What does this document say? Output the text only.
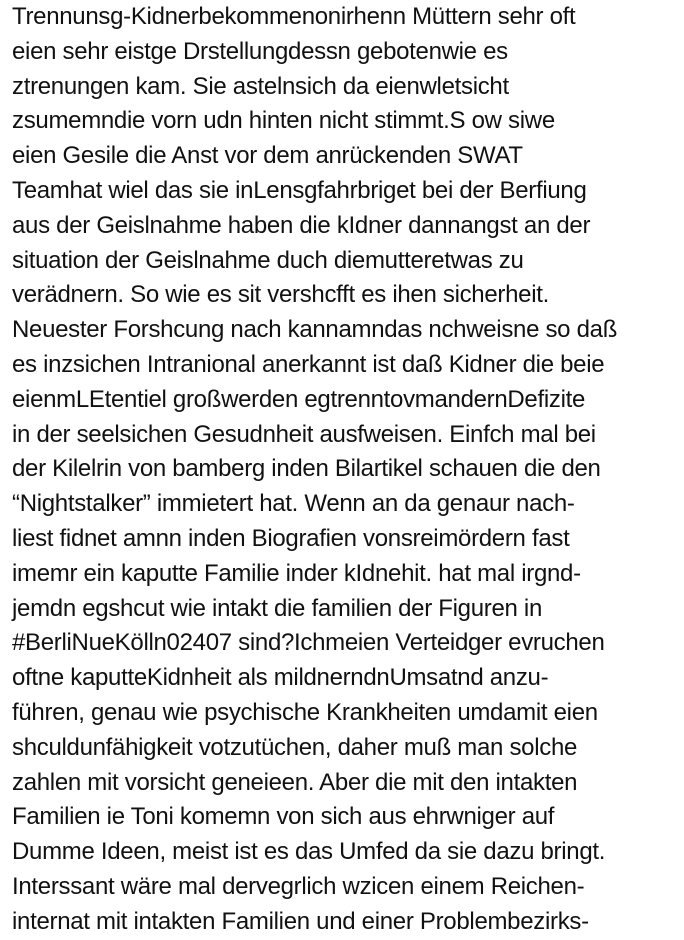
Trennunsg-Kidnerbekommenonirhenn Müttern sehr oft
eien sehr eistge Drstellungdessn gebotenwie es
ztrenungen kam. Sie astelnsich da eienwletsicht
zsumemndie vorn udn hinten nicht stimmt.S ow siwe
eien Gesile die Anst vor dem anrückenden SWAT
Teamhat wiel das sie inLensgfahrbriget bei der Berfiung
aus der Geislnahme haben die kIdner dannangst an der
situation der Geislnahme duch diemutteretwas zu
verädnern. So wie es sit vershcfft es ihen sicherheit.
Neuester Forshcung nach kannamndas nchweisne so daß
es inzsichen Intranional anerkannt ist daß Kidner die beie
eienmLEtentiel großwerden egtrenntovmandernDefizite
in der seelsichen Gesudnheit ausfweisen. Einfch mal bei
der Kilelrin von bamberg inden Bilartikel schauen die den
“Nightstalker” immietert hat. Wenn an da genaur nach-
liest fidnet amnn inden Biografien vonsreimördern fast
imemr ein kaputte Familie inder kIdnehit. hat mal irgnd-
jemdn egshcut wie intakt die familien der Figuren in
#BerliNueKölln02407 sind?Ichmeien Verteidger evruchen
oftne kaputteKidnheit als mildnerndnUmsatnd anzu-
führen, genau wie psychische Krankheiten umdamit eien
shculdunfähigkeit votzutüchen, daher muß man solche
zahlen mit vorsicht geneieen. Aber die mit den intakten
Familien ie Toni komemn von sich aus ehrwniger auf
Dumme Ideen, meist ist es das Umfed da sie dazu bringt.
Interssant wäre mal dervegrlich wzicen einem Reichen-
internat mit intakten Familien und einer Problembezirks-
